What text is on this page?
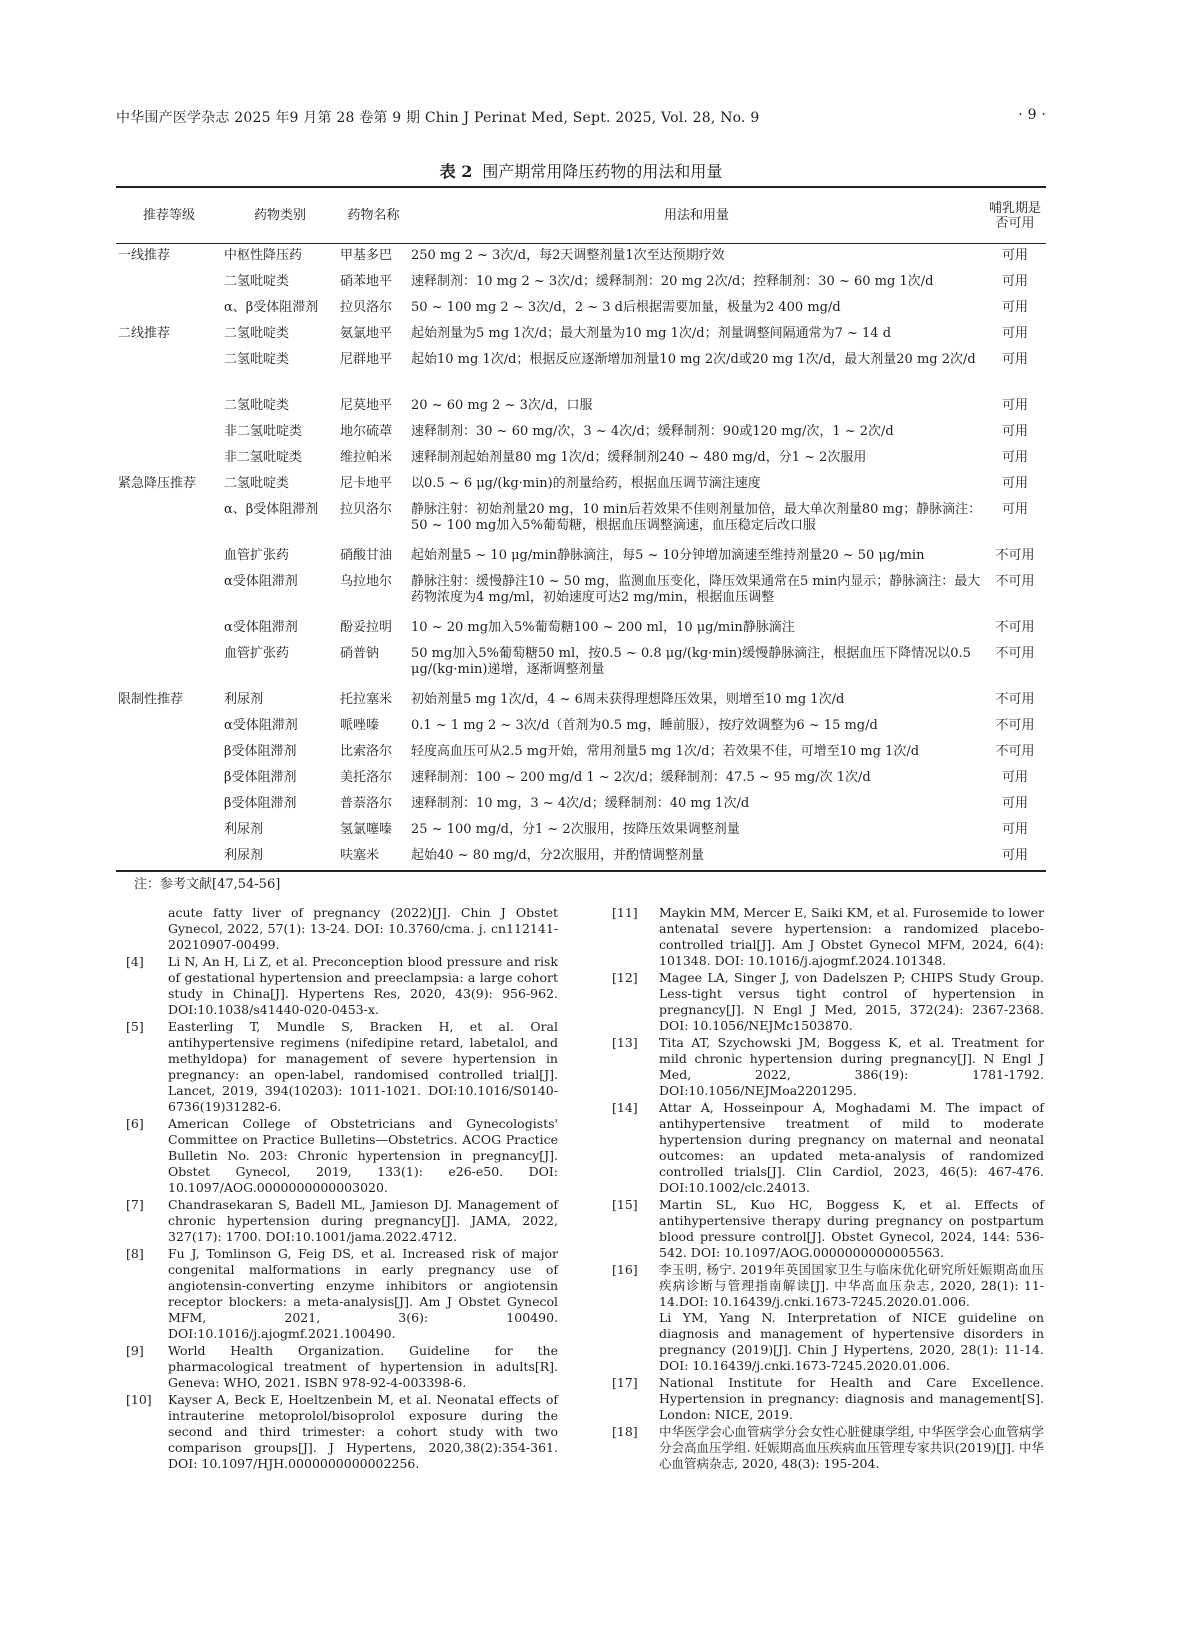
中华围产医学杂志 2025 年9 月第 28 卷第 9 期 Chin J Perinat Med, Sept. 2025, Vol. 28, No. 9	· 9 ·
表 2 围产期常用降压药物的用法和用量
推荐等级	药物类别	药物名称	用法和用量	哺乳期是否可用
一线推荐	中枢性降压药	甲基多巴	250 mg 2 ~ 3次/d，每2天调整剂量1次至达预期疗效	可用
	二氢吡啶类	硝苯地平	速释制剂：10 mg 2 ~ 3次/d；缓释制剂：20 mg 2次/d；控释制剂：30 ~ 60 mg 1次/d	可用
	α、β受体阻滞剂	拉贝洛尔	50 ~ 100 mg 2 ~ 3次/d，2 ~ 3 d后根据需要加量，极量为2 400 mg/d	可用
二线推荐	二氢吡啶类	氨氯地平	起始剂量为5 mg 1次/d；最大剂量为10 mg 1次/d；剂量调整间隔通常为7 ~ 14 d	可用
	二氢吡啶类	尼群地平	起始10 mg 1次/d；根据反应逐渐增加剂量10 mg 2次/d或20 mg 1次/d，最大剂量20 mg 2次/d	可用
	二氢吡啶类	尼莫地平	20 ~ 60 mg 2 ~ 3次/d，口服	可用
	非二氢吡啶类	地尔硫䓬	速释制剂：30 ~ 60 mg/次，3 ~ 4次/d；缓释制剂：90或120 mg/次，1 ~ 2次/d	可用
	非二氢吡啶类	维拉帕米	速释制剂起始剂量80 mg 1次/d；缓释制剂240 ~ 480 mg/d，分1 ~ 2次服用	可用
紧急降压推荐	二氢吡啶类	尼卡地平	以0.5 ~ 6 μg/(kg·min)的剂量给药，根据血压调节滴注速度	可用
	α、β受体阻滞剂	拉贝洛尔	静脉注射：初始剂量20 mg，10 min后若效果不佳则剂量加倍，最大单次剂量80 mg；静脉滴注：50 ~ 100 mg加入5%葡萄糖，根据血压调整滴速，血压稳定后改口服	可用
	血管扩张药	硝酸甘油	起始剂量5 ~ 10 μg/min静脉滴注，每5 ~ 10分钟增加滴速至维持剂量20 ~ 50 μg/min	不可用
	α受体阻滞剂	乌拉地尔	静脉注射：缓慢静注10 ~ 50 mg，监测血压变化，降压效果通常在5 min内显示；静脉滴注：最大药物浓度为4 mg/ml，初始速度可达2 mg/min，根据血压调整	不可用
	α受体阻滞剂	酚妥拉明	10 ~ 20 mg加入5%葡萄糖100 ~ 200 ml，10 μg/min静脉滴注	不可用
	血管扩张药	硝普钠	50 mg加入5%葡萄糖50 ml，按0.5 ~ 0.8 μg/(kg·min)缓慢静脉滴注，根据血压下降情况以0.5 μg/(kg·min)递增，逐渐调整剂量	不可用
限制性推荐	利尿剂	托拉塞米	初始剂量5 mg 1次/d，4 ~ 6周未获得理想降压效果，则增至10 mg 1次/d	不可用
	α受体阻滞剂	哌唑嗪	0.1 ~ 1 mg 2 ~ 3次/d（首剂为0.5 mg，睡前服），按疗效调整为6 ~ 15 mg/d	不可用
	β受体阻滞剂	比索洛尔	轻度高血压可从2.5 mg开始，常用剂量5 mg 1次/d；若效果不佳，可增至10 mg 1次/d	不可用
	β受体阻滞剂	美托洛尔	速释制剂：100 ~ 200 mg/d 1 ~ 2次/d；缓释制剂：47.5 ~ 95 mg/次 1次/d	可用
	β受体阻滞剂	普萘洛尔	速释制剂：10 mg，3 ~ 4次/d；缓释制剂：40 mg 1次/d	可用
	利尿剂	氢氯噻嗪	25 ~ 100 mg/d，分1 ~ 2次服用，按降压效果调整剂量	可用
	利尿剂	呋塞米	起始40 ~ 80 mg/d，分2次服用，并酌情调整剂量	可用
注：参考文献[47,54-56]
acute fatty liver of pregnancy (2022)[J]. Chin J Obstet Gynecol, 2022, 57(1): 13-24. DOI: 10.3760/cma. j. cn112141-20210907-00499.
[4] Li N, An H, Li Z, et al. Preconception blood pressure and risk of gestational hypertension and preeclampsia: a large cohort study in China[J]. Hypertens Res, 2020, 43(9): 956-962. DOI:10.1038/s41440-020-0453-x.
[5] Easterling T, Mundle S, Bracken H, et al. Oral antihypertensive regimens (nifedipine retard, labetalol, and methyldopa) for management of severe hypertension in pregnancy: an open-label, randomised controlled trial[J]. Lancet, 2019, 394(10203): 1011-1021. DOI:10.1016/S0140-6736(19)31282-6.
[6] American College of Obstetricians and Gynecologists' Committee on Practice Bulletins—Obstetrics. ACOG Practice Bulletin No. 203: Chronic hypertension in pregnancy[J]. Obstet Gynecol, 2019, 133(1): e26-e50. DOI: 10.1097/AOG.0000000000003020.
[7] Chandrasekaran S, Badell ML, Jamieson DJ. Management of chronic hypertension during pregnancy[J]. JAMA, 2022, 327(17): 1700. DOI:10.1001/jama.2022.4712.
[8] Fu J, Tomlinson G, Feig DS, et al. Increased risk of major congenital malformations in early pregnancy use of angiotensin-converting enzyme inhibitors or angiotensin receptor blockers: a meta-analysis[J]. Am J Obstet Gynecol MFM, 2021, 3(6): 100490. DOI:10.1016/j.ajogmf.2021.100490.
[9] World Health Organization. Guideline for the pharmacological treatment of hypertension in adults[R]. Geneva: WHO, 2021. ISBN 978-92-4-003398-6.
[10] Kayser A, Beck E, Hoeltzenbein M, et al. Neonatal effects of intrauterine metoprolol/bisoprolol exposure during the second and third trimester: a cohort study with two comparison groups[J]. J Hypertens, 2020,38(2):354-361. DOI: 10.1097/HJH.0000000000002256.
[11] Maykin MM, Mercer E, Saiki KM, et al. Furosemide to lower antenatal severe hypertension: a randomized placebo-controlled trial[J]. Am J Obstet Gynecol MFM, 2024, 6(4): 101348. DOI: 10.1016/j.ajogmf.2024.101348.
[12] Magee LA, Singer J, von Dadelszen P; CHIPS Study Group. Less-tight versus tight control of hypertension in pregnancy[J]. N Engl J Med, 2015, 372(24): 2367-2368. DOI: 10.1056/NEJMc1503870.
[13] Tita AT, Szychowski JM, Boggess K, et al. Treatment for mild chronic hypertension during pregnancy[J]. N Engl J Med, 2022, 386(19): 1781-1792. DOI:10.1056/NEJMoa2201295.
[14] Attar A, Hosseinpour A, Moghadami M. The impact of antihypertensive treatment of mild to moderate hypertension during pregnancy on maternal and neonatal outcomes: an updated meta-analysis of randomized controlled trials[J]. Clin Cardiol, 2023, 46(5): 467-476. DOI:10.1002/clc.24013.
[15] Martin SL, Kuo HC, Boggess K, et al. Effects of antihypertensive therapy during pregnancy on postpartum blood pressure control[J]. Obstet Gynecol, 2024, 144: 536-542. DOI: 10.1097/AOG.0000000000005563.
[16] 李玉明, 杨宁. 2019年英国国家卫生与临床优化研究所妊娠期高血压疾病诊断与管理指南解读[J]. 中华高血压杂志, 2020, 28(1): 11-14.DOI: 10.16439/j.cnki.1673-7245.2020.01.006.
Li YM, Yang N. Interpretation of NICE guideline on diagnosis and management of hypertensive disorders in pregnancy (2019)[J]. Chin J Hypertens, 2020, 28(1): 11-14. DOI: 10.16439/j.cnki.1673-7245.2020.01.006.
[17] National Institute for Health and Care Excellence. Hypertension in pregnancy: diagnosis and management[S]. London: NICE, 2019.
[18] 中华医学会心血管病学分会女性心脏健康学组, 中华医学会心血管病学分会高血压学组. 妊娠期高血压疾病血压管理专家共识(2019)[J]. 中华心血管病杂志, 2020, 48(3): 195-204.
